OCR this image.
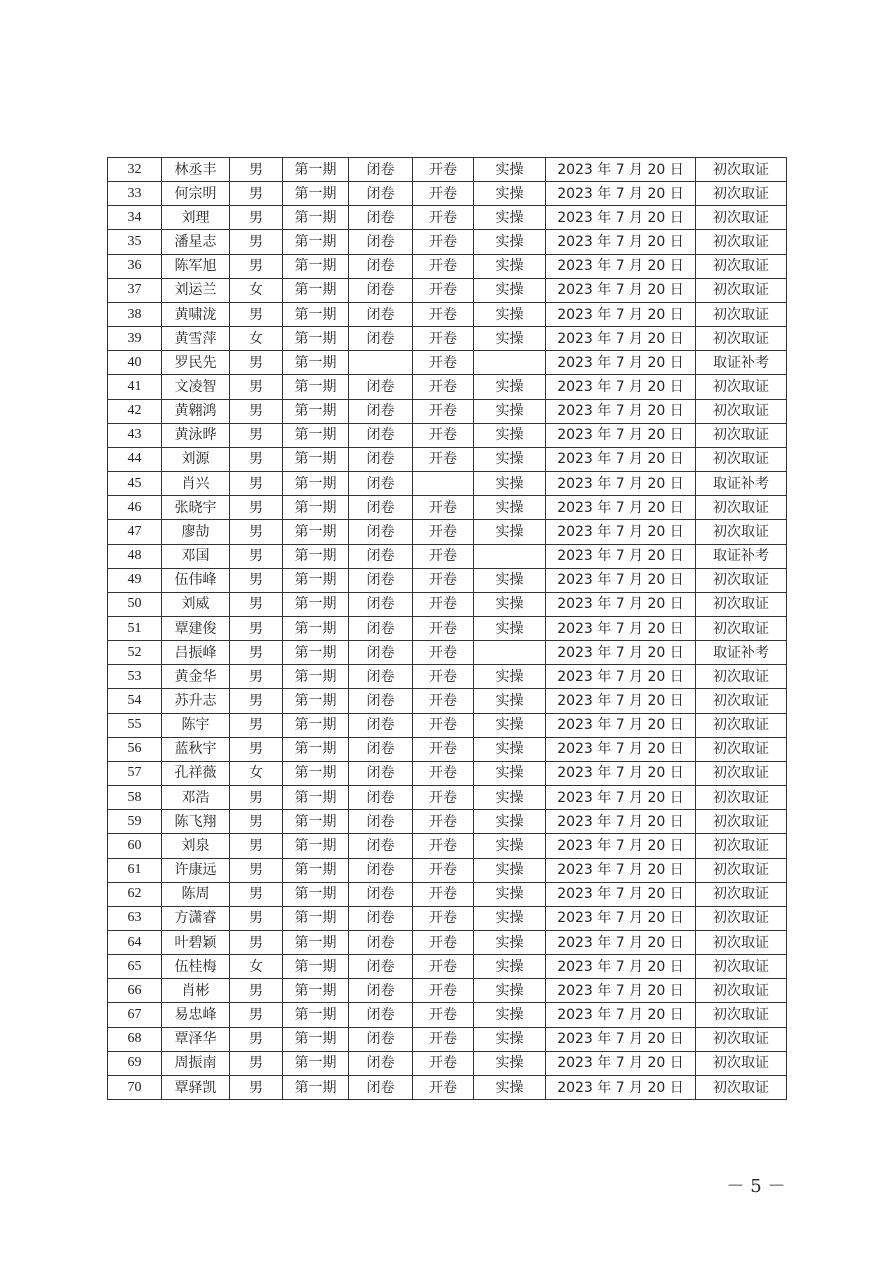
32	林丞丰	男	第一期	闭卷	开卷	实操	2023 年 7 月 20 日	初次取证
33	何宗明	男	第一期	闭卷	开卷	实操	2023 年 7 月 20 日	初次取证
34	刘理	男	第一期	闭卷	开卷	实操	2023 年 7 月 20 日	初次取证
35	潘星志	男	第一期	闭卷	开卷	实操	2023 年 7 月 20 日	初次取证
36	陈军旭	男	第一期	闭卷	开卷	实操	2023 年 7 月 20 日	初次取证
37	刘运兰	女	第一期	闭卷	开卷	实操	2023 年 7 月 20 日	初次取证
38	黄啸泷	男	第一期	闭卷	开卷	实操	2023 年 7 月 20 日	初次取证
39	黄雪萍	女	第一期	闭卷	开卷	实操	2023 年 7 月 20 日	初次取证
40	罗民先	男	第一期		开卷		2023 年 7 月 20 日	取证补考
41	文凌智	男	第一期	闭卷	开卷	实操	2023 年 7 月 20 日	初次取证
42	黄翱鸿	男	第一期	闭卷	开卷	实操	2023 年 7 月 20 日	初次取证
43	黄泳晔	男	第一期	闭卷	开卷	实操	2023 年 7 月 20 日	初次取证
44	刘源	男	第一期	闭卷	开卷	实操	2023 年 7 月 20 日	初次取证
45	肖兴	男	第一期	闭卷		实操	2023 年 7 月 20 日	取证补考
46	张晓宇	男	第一期	闭卷	开卷	实操	2023 年 7 月 20 日	初次取证
47	廖劼	男	第一期	闭卷	开卷	实操	2023 年 7 月 20 日	初次取证
48	邓国	男	第一期	闭卷	开卷		2023 年 7 月 20 日	取证补考
49	伍伟峰	男	第一期	闭卷	开卷	实操	2023 年 7 月 20 日	初次取证
50	刘威	男	第一期	闭卷	开卷	实操	2023 年 7 月 20 日	初次取证
51	覃建俊	男	第一期	闭卷	开卷	实操	2023 年 7 月 20 日	初次取证
52	吕振峰	男	第一期	闭卷	开卷		2023 年 7 月 20 日	取证补考
53	黄金华	男	第一期	闭卷	开卷	实操	2023 年 7 月 20 日	初次取证
54	苏升志	男	第一期	闭卷	开卷	实操	2023 年 7 月 20 日	初次取证
55	陈宇	男	第一期	闭卷	开卷	实操	2023 年 7 月 20 日	初次取证
56	蓝秋宇	男	第一期	闭卷	开卷	实操	2023 年 7 月 20 日	初次取证
57	孔祥薇	女	第一期	闭卷	开卷	实操	2023 年 7 月 20 日	初次取证
58	邓浩	男	第一期	闭卷	开卷	实操	2023 年 7 月 20 日	初次取证
59	陈飞翔	男	第一期	闭卷	开卷	实操	2023 年 7 月 20 日	初次取证
60	刘泉	男	第一期	闭卷	开卷	实操	2023 年 7 月 20 日	初次取证
61	许康远	男	第一期	闭卷	开卷	实操	2023 年 7 月 20 日	初次取证
62	陈周	男	第一期	闭卷	开卷	实操	2023 年 7 月 20 日	初次取证
63	方潇睿	男	第一期	闭卷	开卷	实操	2023 年 7 月 20 日	初次取证
64	叶碧颖	男	第一期	闭卷	开卷	实操	2023 年 7 月 20 日	初次取证
65	伍桂梅	女	第一期	闭卷	开卷	实操	2023 年 7 月 20 日	初次取证
66	肖彬	男	第一期	闭卷	开卷	实操	2023 年 7 月 20 日	初次取证
67	易忠峰	男	第一期	闭卷	开卷	实操	2023 年 7 月 20 日	初次取证
68	覃泽华	男	第一期	闭卷	开卷	实操	2023 年 7 月 20 日	初次取证
69	周振南	男	第一期	闭卷	开卷	实操	2023 年 7 月 20 日	初次取证
70	覃驿凯	男	第一期	闭卷	开卷	实操	2023 年 7 月 20 日	初次取证
－ 5 －
